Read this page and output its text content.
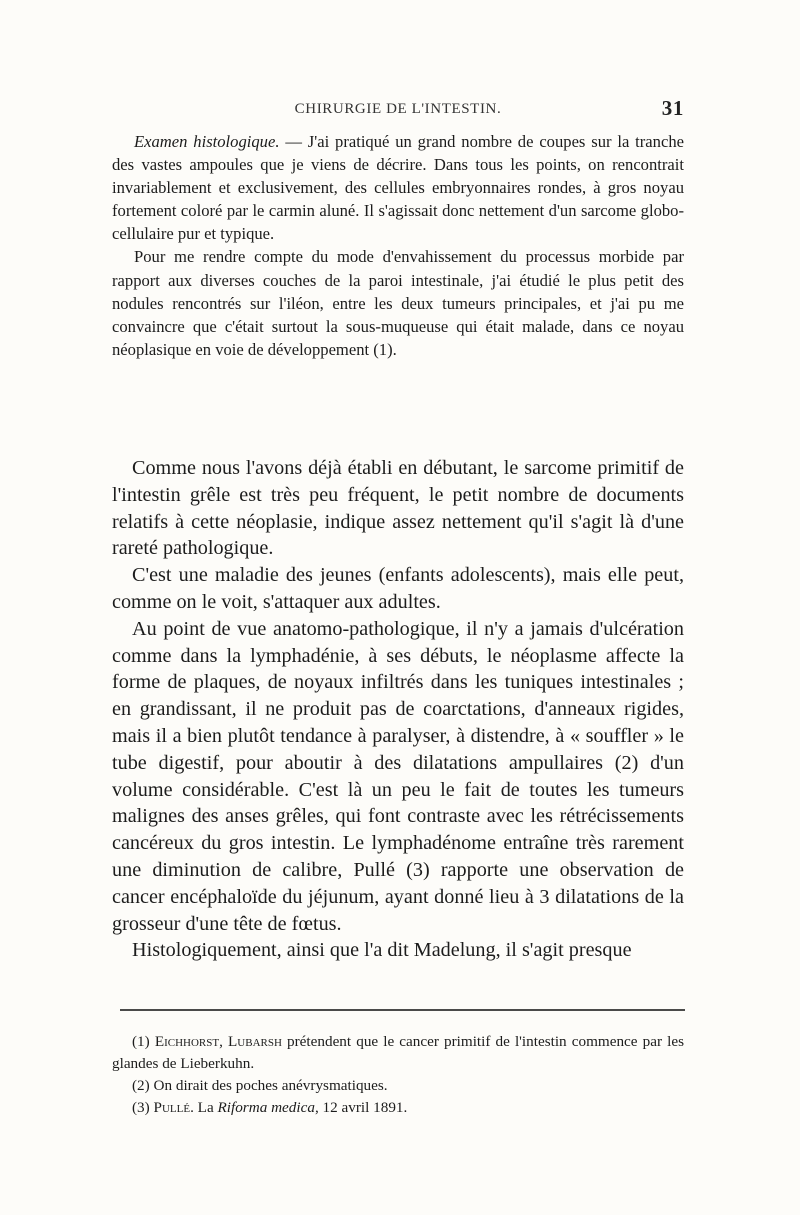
CHIRURGIE DE L'INTESTIN.	31

Examen histologique. — J'ai pratiqué un grand nombre de coupes sur la tranche des vastes ampoules que je viens de décrire. Dans tous les points, on rencontrait invariablement et exclusivement, des cellules embryonnaires rondes, à gros noyau fortement coloré par le carmin aluné. Il s'agissait donc nettement d'un sarcome globo-cellulaire pur et typique.

Pour me rendre compte du mode d'envahissement du processus morbide par rapport aux diverses couches de la paroi intestinale, j'ai étudié le plus petit des nodules rencontrés sur l'iléon, entre les deux tumeurs principales, et j'ai pu me convaincre que c'était surtout la sous-muqueuse qui était malade, dans ce noyau néoplasique en voie de développement (1).

Comme nous l'avons déjà établi en débutant, le sarcome primitif de l'intestin grêle est très peu fréquent, le petit nombre de documents relatifs à cette néoplasie, indique assez nettement qu'il s'agit là d'une rareté pathologique.

C'est une maladie des jeunes (enfants adolescents), mais elle peut, comme on le voit, s'attaquer aux adultes.

Au point de vue anatomo-pathologique, il n'y a jamais d'ulcération comme dans la lymphadénie, à ses débuts, le néoplasme affecte la forme de plaques, de noyaux infiltrés dans les tuniques intestinales ; en grandissant, il ne produit pas de coarctations, d'anneaux rigides, mais il a bien plutôt tendance à paralyser, à distendre, à « souffler » le tube digestif, pour aboutir à des dilatations ampullaires (2) d'un volume considérable. C'est là un peu le fait de toutes les tumeurs malignes des anses grêles, qui font contraste avec les rétrécissements cancéreux du gros intestin. Le lymphadénome entraîne très rarement une diminution de calibre, Pullé (3) rapporte une observation de cancer encéphaloïde du jéjunum, ayant donné lieu à 3 dilatations de la grosseur d'une tête de fœtus.

Histologiquement, ainsi que l'a dit Madelung, il s'agit presque

(1) Eichhorst, Lubarsh prétendent que le cancer primitif de l'intestin commence par les glandes de Lieberkuhn.

(2) On dirait des poches anévrysmatiques.

(3) Pullé. La Riforma medica, 12 avril 1891.
